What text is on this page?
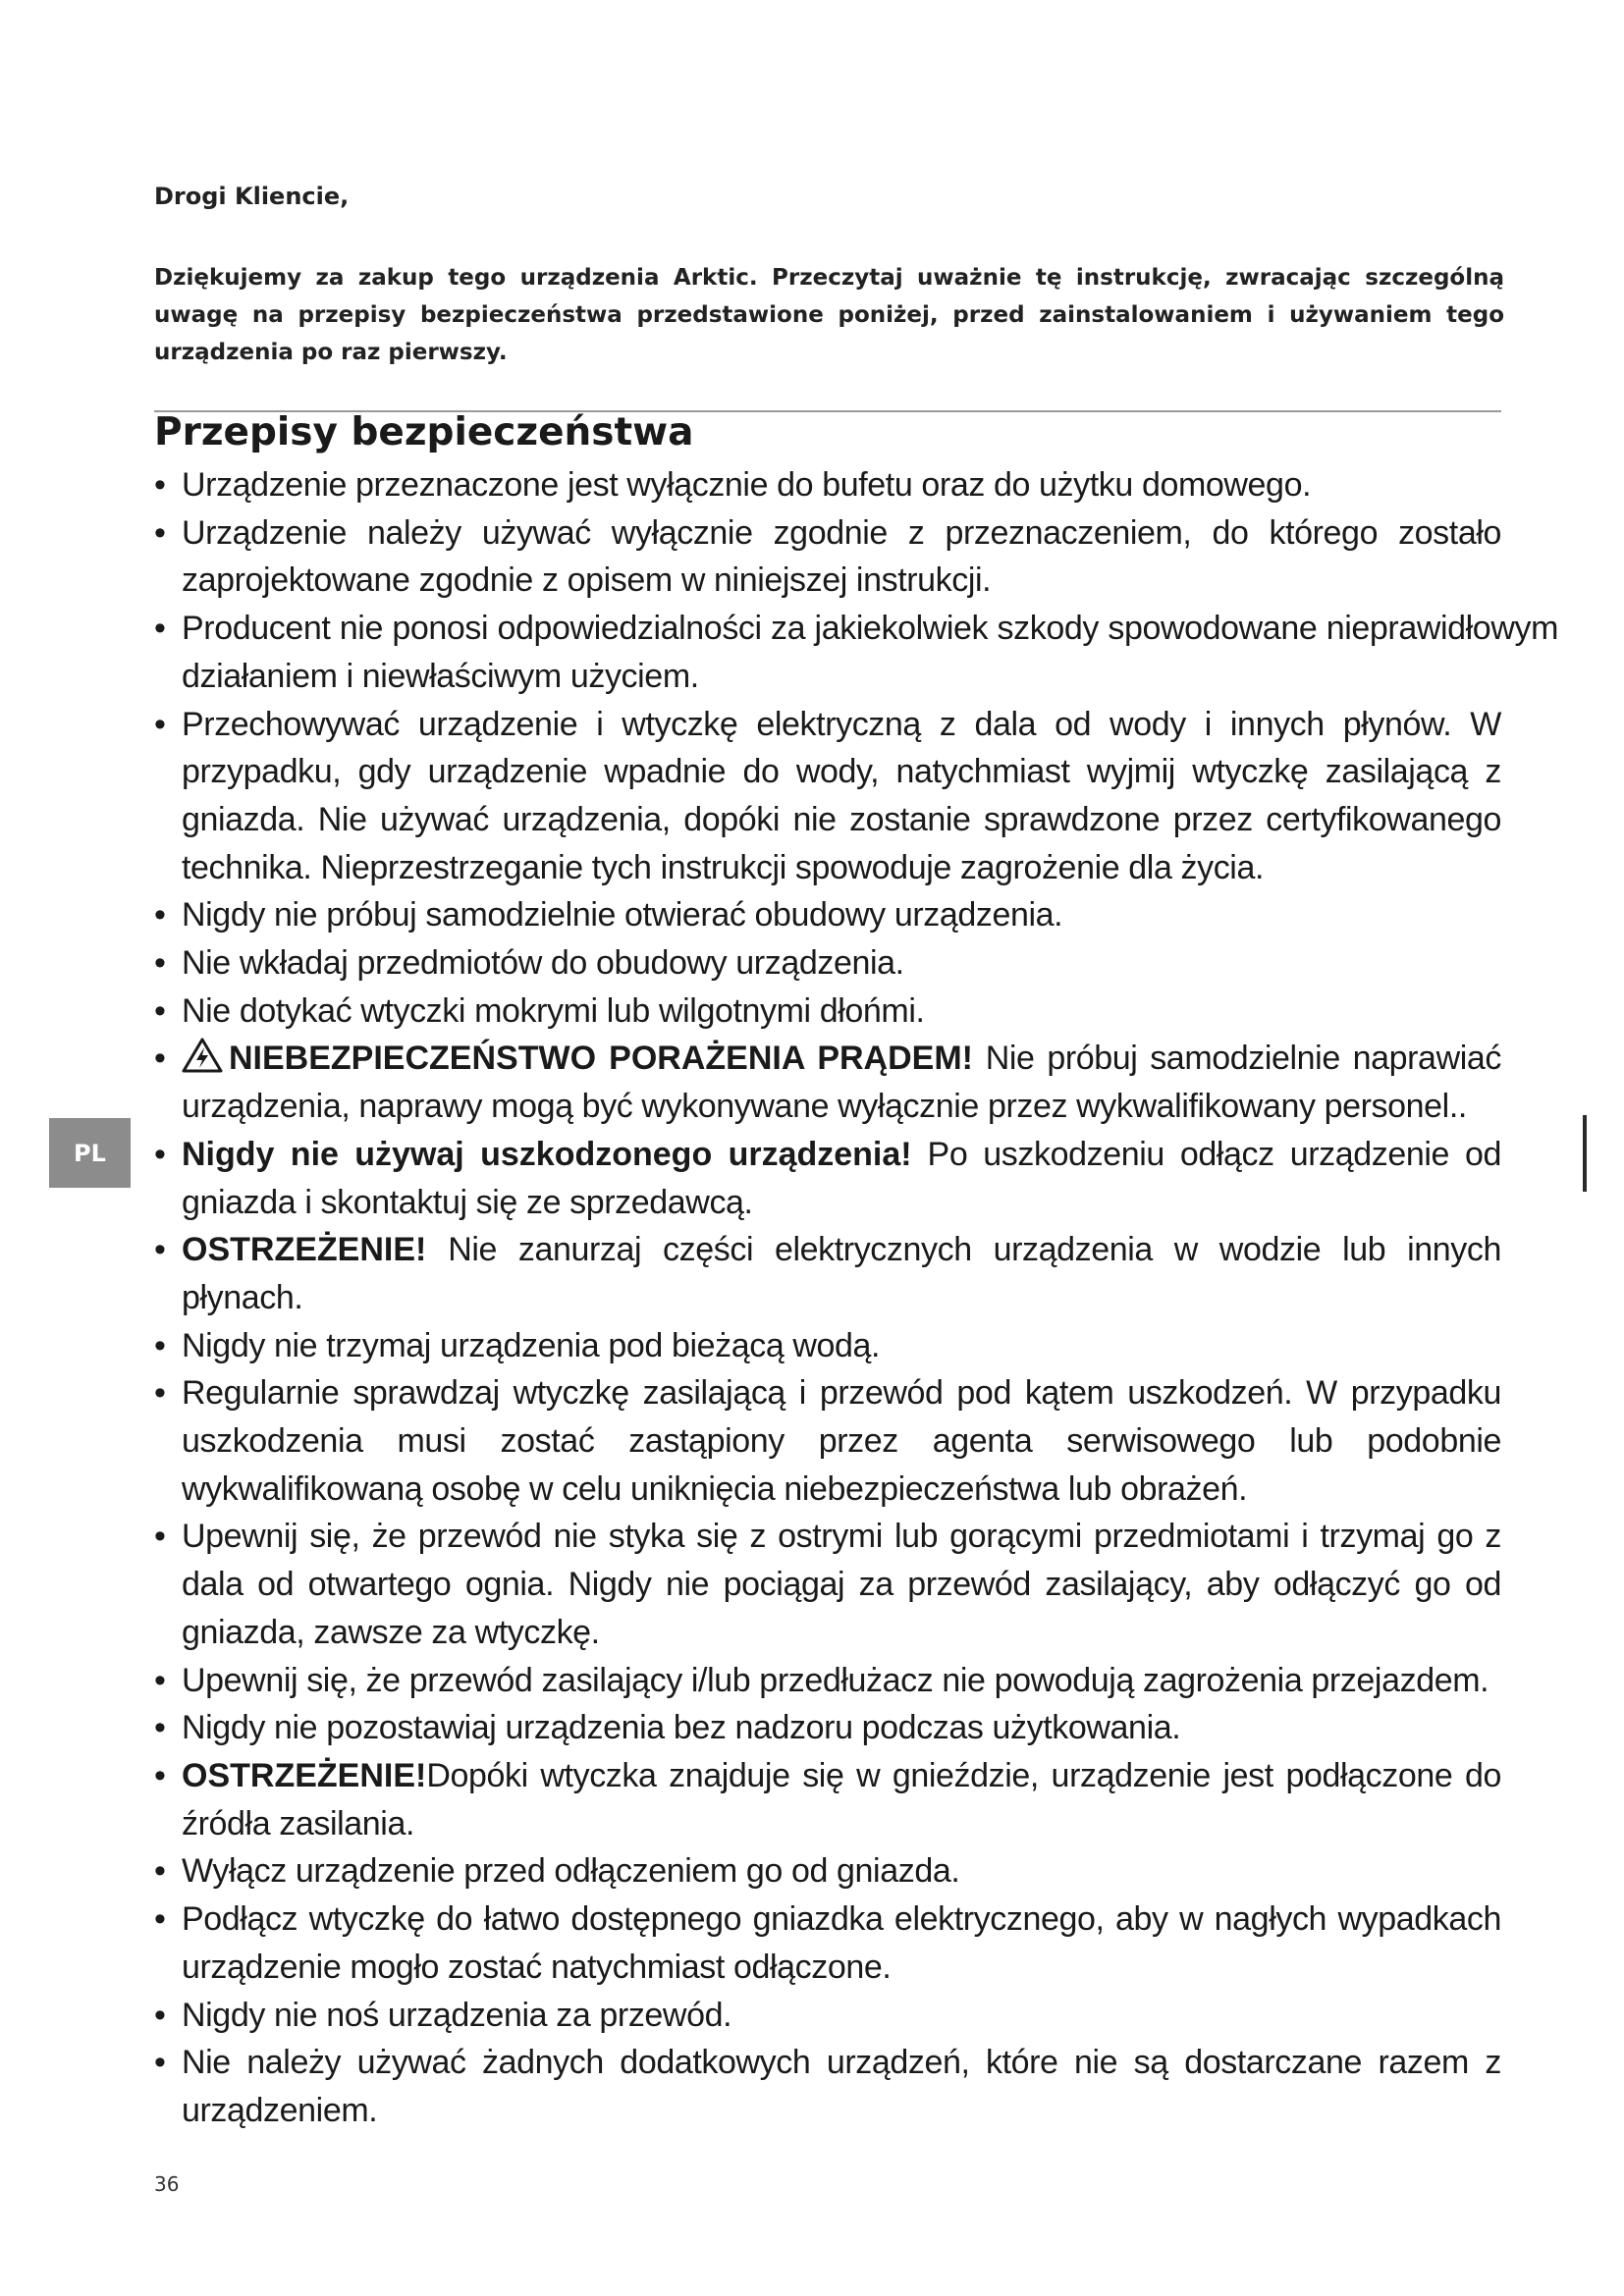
Drogi Kliencie,
Dziękujemy za zakup tego urządzenia Arktic. Przeczytaj uważnie tę instrukcję, zwracając szczególną uwagę na przepisy bezpieczeństwa przedstawione poniżej, przed zainstalowaniem i używaniem tego urządzenia po raz pierwszy.
Przepisy bezpieczeństwa
• Urządzenie przeznaczone jest wyłącznie do bufetu oraz do użytku domowego.
• Urządzenie należy używać wyłącznie zgodnie z przeznaczeniem, do którego zostało zaprojektowane zgodnie z opisem w niniejszej instrukcji.
• Producent nie ponosi odpowiedzialności za jakiekolwiek szkody spowodowane nieprawidłowym działaniem i niewłaściwym użyciem.
• Przechowywać urządzenie i wtyczkę elektryczną z dala od wody i innych płynów. W przypadku, gdy urządzenie wpadnie do wody, natychmiast wyjmij wtyczkę zasilającą z gniazda. Nie używać urządzenia, dopóki nie zostanie sprawdzone przez certyfikowanego technika. Nieprzestrzeganie tych instrukcji spowoduje zagrożenie dla życia.
• Nigdy nie próbuj samodzielnie otwierać obudowy urządzenia.
• Nie wkładaj przedmiotów do obudowy urządzenia.
• Nie dotykać wtyczki mokrymi lub wilgotnymi dłońmi.
• NIEBEZPIECZEŃSTWO PORAŻENIA PRĄDEM! Nie próbuj samodzielnie naprawiać urządzenia, naprawy mogą być wykonywane wyłącznie przez wykwalifikowany personel..
• Nigdy nie używaj uszkodzonego urządzenia! Po uszkodzeniu odłącz urządzenie od gniazda i skontaktuj się ze sprzedawcą.
• OSTRZEŻENIE! Nie zanurzaj części elektrycznych urządzenia w wodzie lub innych płynach.
• Nigdy nie trzymaj urządzenia pod bieżącą wodą.
• Regularnie sprawdzaj wtyczkę zasilającą i przewód pod kątem uszkodzeń. W przypadku uszkodzenia musi zostać zastąpiony przez agenta serwisowego lub podobnie wykwalifikowaną osobę w celu uniknięcia niebezpieczeństwa lub obrażeń.
• Upewnij się, że przewód nie styka się z ostrymi lub gorącymi przedmiotami i trzymaj go z dala od otwartego ognia. Nigdy nie pociągaj za przewód zasilający, aby odłączyć go od gniazda, zawsze za wtyczkę.
• Upewnij się, że przewód zasilający i/lub przedłużacz nie powodują zagrożenia przejazdem.
• Nigdy nie pozostawiaj urządzenia bez nadzoru podczas użytkowania.
• OSTRZEŻENIE!Dopóki wtyczka znajduje się w gnieździe, urządzenie jest podłączone do źródła zasilania.
• Wyłącz urządzenie przed odłączeniem go od gniazda.
• Podłącz wtyczkę do łatwo dostępnego gniazdka elektrycznego, aby w nagłych wypadkach urządzenie mogło zostać natychmiast odłączone.
• Nigdy nie noś urządzenia za przewód.
• Nie należy używać żadnych dodatkowych urządzeń, które nie są dostarczane razem z urządzeniem.
PL
36
